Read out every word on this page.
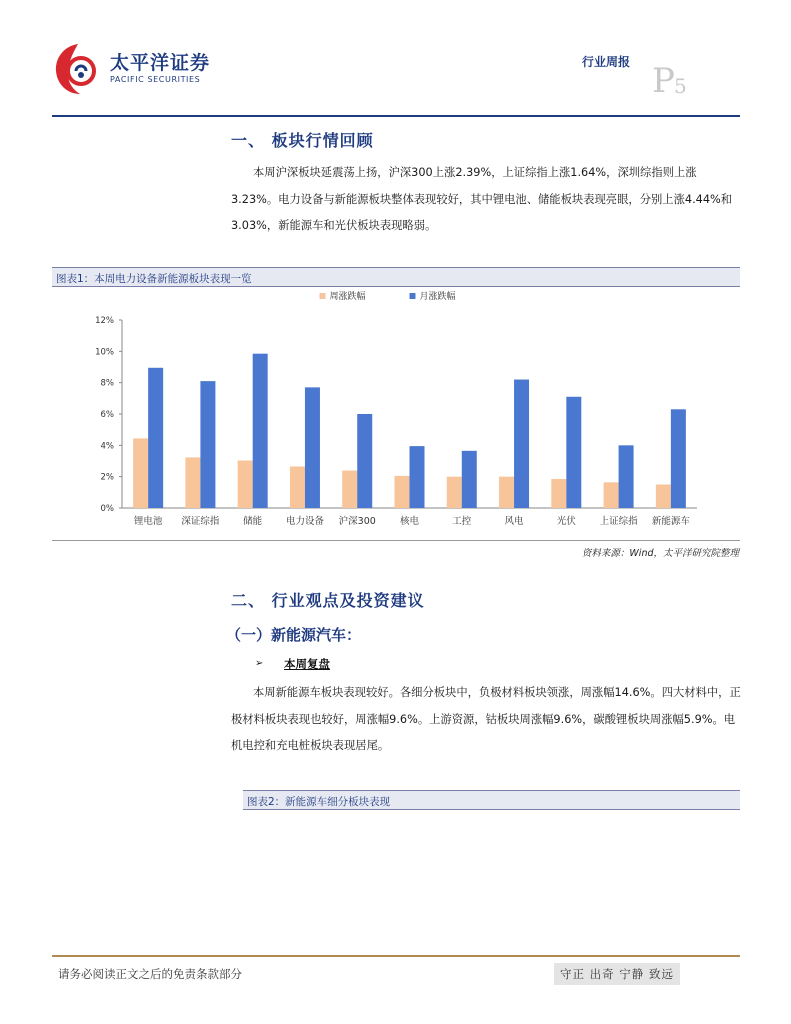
太平洋证券
PACIFIC SECURITIES
行业周报 P 5
一、 板块行情回顾
本周沪深板块延震荡上扬，沪深300上涨2.39%，上证综指上涨1.64%，深圳综指则上涨3.23%。电力设备与新能源板块整体表现较好，其中锂电池、储能板块表现亮眼，分别上涨4.44%和3.03%，新能源车和光伏板块表现略弱。
图表1：本周电力设备新能源板块表现一览
周涨跌幅	月涨跌幅
0%
2%
4%
6%
8%
10%
12%
锂电池 深证综指	储能	电力设备 沪深300	核电	工控	风电	光伏	上证综指 新能源车
资料来源：Wind，太平洋研究院整理
二、 行业观点及投资建议
（一）新能源汽车：
➢ 本周复盘
本周新能源车板块表现较好。各细分板块中，负极材料板块领涨，周涨幅14.6%。四大材料中，正极材料板块表现也较好，周涨幅9.6%。上游资源，钴板块周涨幅9.6%，碳酸锂板块周涨幅5.9%。电机电控和充电桩板块表现居尾。
图表2：新能源车细分板块表现
请务必阅读正文之后的免责条款部分	守正 出奇 宁静 致远
